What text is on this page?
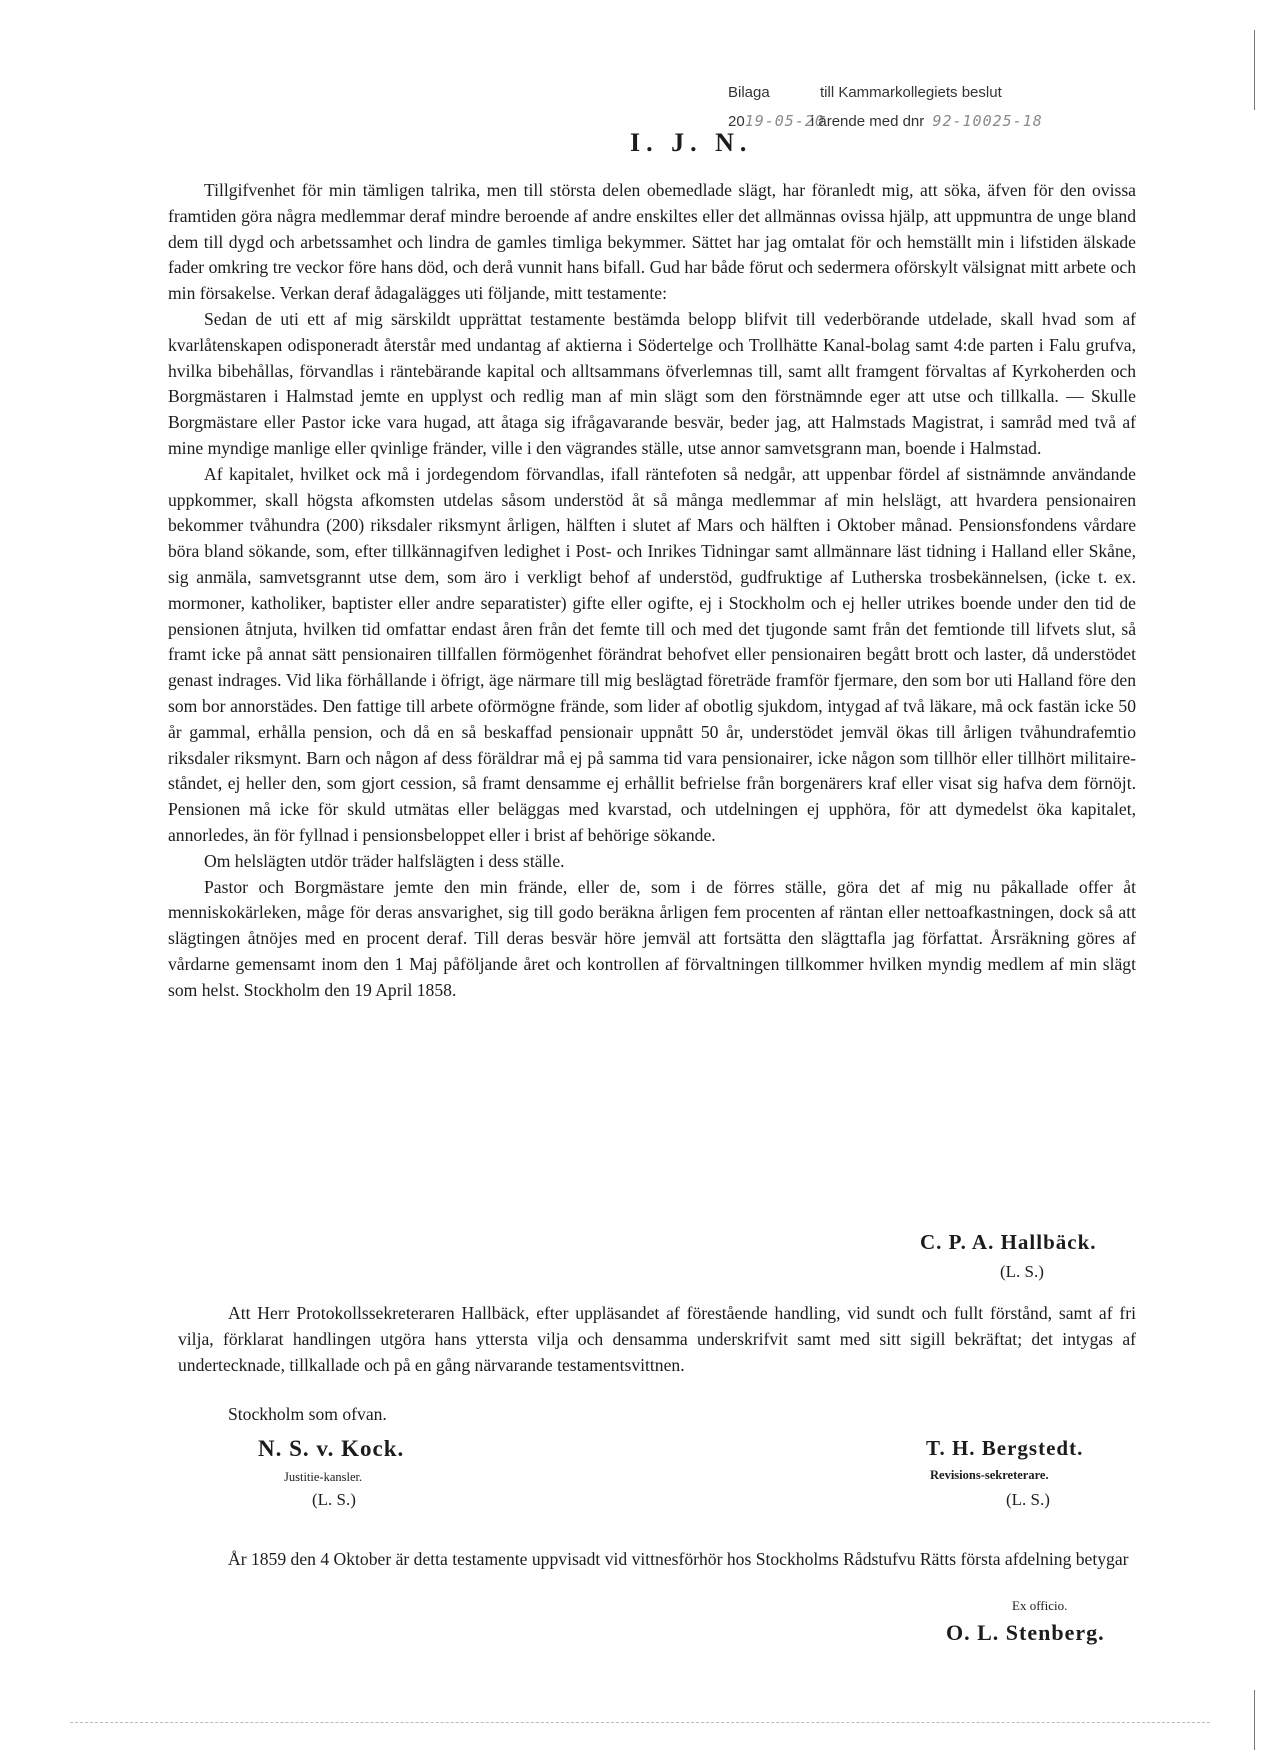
Bilaga	till Kammarkollegiets beslut
2019-05-20 i ärende med dnr 92-10025-18
I. J. N.

Tillgifvenhet för min tämligen talrika, men till största delen obemedlade slägt, har föranledt mig, att söka, äfven för den ovissa framtiden göra några medlemmar deraf mindre beroende af andre enskiltes eller det allmännas ovissa hjälp, att uppmuntra de unge bland dem till dygd och arbetssamhet och lindra de gamles timliga bekymmer. Sättet har jag omtalat för och hemställt min i lifstiden älskade fader omkring tre veckor före hans död, och derå vunnit hans bifall. Gud har både förut och sedermera oförskylt välsignat mitt arbete och min försakelse. Verkan deraf ådagalägges uti följande, mitt testamente:

Sedan de uti ett af mig särskildt upprättat testamente bestämda belopp blifvit till vederbörande utdelade, skall hvad som af kvarlåtenskapen odisponeradt återstår med undantag af aktierna i Södertelge och Trollhätte Kanal-bolag samt 4:de parten i Falu grufva, hvilka bibehållas, förvandlas i räntebärande kapital och alltsammans öfverlemnas till, samt allt framgent förvaltas af Kyrkoherden och Borgmästaren i Halmstad jemte en upplyst och redlig man af min slägt som den förstnämnde eger att utse och tillkalla. — Skulle Borgmästare eller Pastor icke vara hugad, att åtaga sig ifrågavarande besvär, beder jag, att Halmstads Magistrat, i samråd med två af mine myndige manlige eller qvinlige fränder, ville i den vägrandes ställe, utse annor samvetsgrann man, boende i Halmstad.

Af kapitalet, hvilket ock må i jordegendom förvandlas, ifall räntefoten så nedgår, att uppenbar fördel af sistnämnde användande uppkommer, skall högsta afkomsten utdelas såsom understöd åt så många medlemmar af min helslägt, att hvardera pensionairen bekommer tvåhundra (200) riksdaler riksmynt årligen, hälften i slutet af Mars och hälften i Oktober månad. Pensionsfondens vårdare böra bland sökande, som, efter tillkännagifven ledighet i Post- och Inrikes Tidningar samt allmännare läst tidning i Halland eller Skåne, sig anmäla, samvetsgrannt utse dem, som äro i verkligt behof af understöd, gudfruktige af Lutherska trosbekännelsen, (icke t. ex. mormoner, katholiker, baptister eller andre separatister) gifte eller ogifte, ej i Stockholm och ej heller utrikes boende under den tid de pensionen åtnjuta, hvilken tid omfattar endast åren från det femte till och med det tjugonde samt från det femtionde till lifvets slut, så framt icke på annat sätt pensionairen tillfallen förmögenhet förändrat behofvet eller pensionairen begått brott och laster, då understödet genast indrages. Vid lika förhållande i öfrigt, äge närmare till mig beslägtad företräde framför fjermare, den som bor uti Halland före den som bor annorstädes. Den fattige till arbete oförmögne frände, som lider af obotlig sjukdom, intygad af två läkare, må ock fastän icke 50 år gammal, erhålla pension, och då en så beskaffad pensionair uppnått 50 år, understödet jemväl ökas till årligen tvåhundrafemtio riksdaler riksmynt. Barn och någon af dess föräldrar må ej på samma tid vara pensionairer, icke någon som tillhör eller tillhört militaire-ståndet, ej heller den, som gjort cession, så framt densamme ej erhållit befrielse från borgenärers kraf eller visat sig hafva dem förnöjt. Pensionen må icke för skuld utmätas eller beläggas med kvarstad, och utdelningen ej upphöra, för att dymedelst öka kapitalet, annorledes, än för fyllnad i pensionsbeloppet eller i brist af behörige sökande.

Om helslägten utdör träder halfslägten i dess ställe.

Pastor och Borgmästare jemte den min frände, eller de, som i de förres ställe, göra det af mig nu påkallade offer åt menniskokärleken, måge för deras ansvarighet, sig till godo beräkna årligen fem procenten af räntan eller nettoafkastningen, dock så att slägtingen åtnöjes med en procent deraf. Till deras besvär höre jemväl att fortsätta den slägttafla jag författat. Årsräkning göres af vårdarne gemensamt inom den 1 Maj påföljande året och kontrollen af förvaltningen tillkommer hvilken myndig medlem af min slägt som helst. Stockholm den 19 April 1858.

C. P. A. Hallbäck.
(L. S.)

Att Herr Protokollssekreteraren Hallbäck, efter uppläsandet af förestående handling, vid sundt och fullt förstånd, samt af fri vilja, förklarat handlingen utgöra hans yttersta vilja och densamma underskrifvit samt med sitt sigill bekräftat; det intygas af undertecknade, tillkallade och på en gång närvarande testamentsvittnen.

Stockholm som ofvan.
N. S. v. Kock.
Justitie-kansler.
(L. S.)
T. H. Bergstedt.
Revisions-sekreterare.
(L. S.)

År 1859 den 4 Oktober är detta testamente uppvisadt vid vittnesförhör hos Stockholms Rådstufvu Rätts första afdelning betygar

Ex officio.
O. L. Stenberg.
